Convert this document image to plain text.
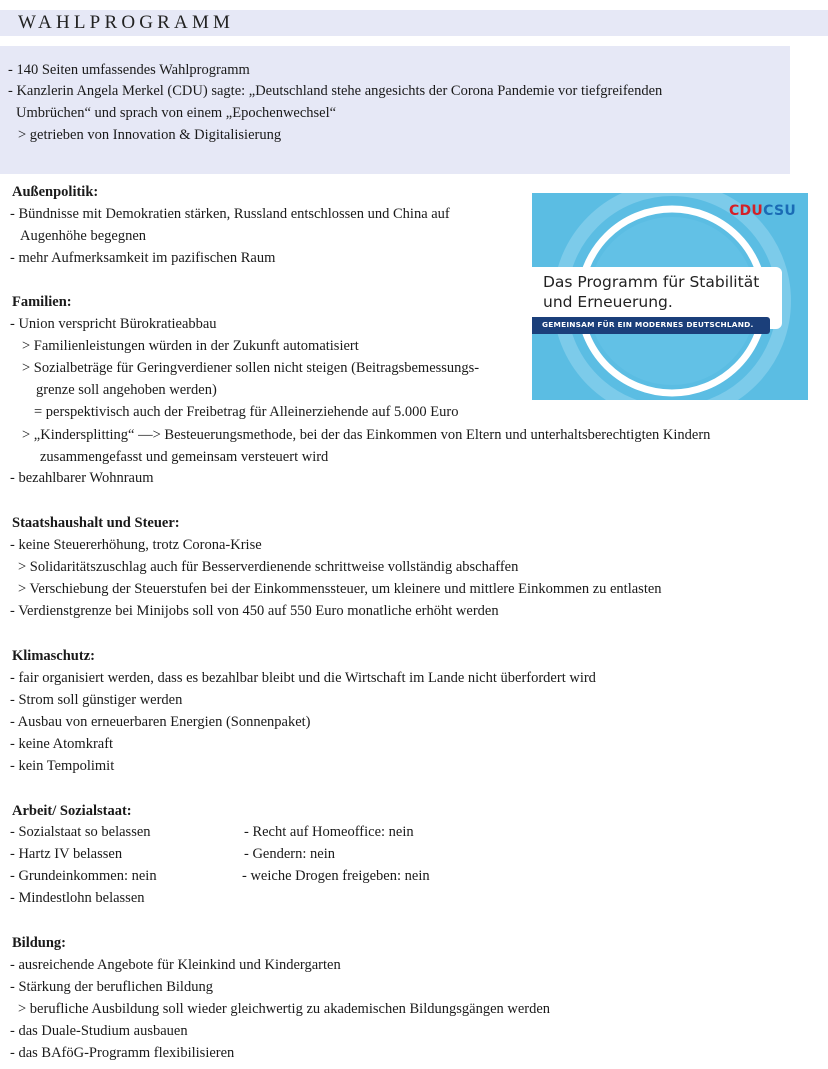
WAHLPROGRAMM
- 140 Seiten umfassendes Wahlprogramm
- Kanzlerin Angela Merkel (CDU) sagte: „Deutschland stehe angesichts der Corona Pandemie vor tiefgreifenden
Umbrüchen“ und sprach von einem „Epochenwechsel“
> getrieben von Innovation & Digitalisierung
CDUCSU
Das Programm für Stabilität
und Erneuerung.
GEMEINSAM FÜR EIN MODERNES DEUTSCHLAND.
Außenpolitik:
- Bündnisse mit Demokratien stärken, Russland entschlossen und China auf
Augenhöhe begegnen
- mehr Aufmerksamkeit im pazifischen Raum
Familien:
- Union verspricht Bürokratieabbau
> Familienleistungen würden in der Zukunft automatisiert
> Sozialbeträge für Geringverdiener sollen nicht steigen (Beitragsbemessungs-
grenze soll angehoben werden)
= perspektivisch auch der Freibetrag für Alleinerziehende auf 5.000 Euro
> „Kindersplitting“ —> Besteuerungsmethode, bei der das Einkommen von Eltern und unterhaltsberechtigten Kindern
zusammengefasst und gemeinsam versteuert wird
- bezahlbarer Wohnraum
Staatshaushalt und Steuer:
- keine Steuererhöhung, trotz Corona-Krise
> Solidaritätszuschlag auch für Besserverdienende schrittweise vollständig abschaffen
> Verschiebung der Steuerstufen bei der Einkommenssteuer, um kleinere und mittlere Einkommen zu entlasten
- Verdienstgrenze bei Minijobs soll von 450 auf 550 Euro monatliche erhöht werden
Klimaschutz:
- fair organisiert werden, dass es bezahlbar bleibt und die Wirtschaft im Lande nicht überfordert wird
- Strom soll günstiger werden
- Ausbau von erneuerbaren Energien (Sonnenpaket)
- keine Atomkraft
- kein Tempolimit
Arbeit/ Sozialstaat:
- Sozialstaat so belassen
- Hartz IV belassen
- Grundeinkommen: nein
- Mindestlohn belassen
- Recht auf Homeoffice: nein
- Gendern: nein
- weiche Drogen freigeben: nein
Bildung:
- ausreichende Angebote für Kleinkind und Kindergarten
- Stärkung der beruflichen Bildung
> berufliche Ausbildung soll wieder gleichwertig zu akademischen Bildungsgängen werden
- das Duale-Studium ausbauen
- das BAföG-Programm flexibilisieren
